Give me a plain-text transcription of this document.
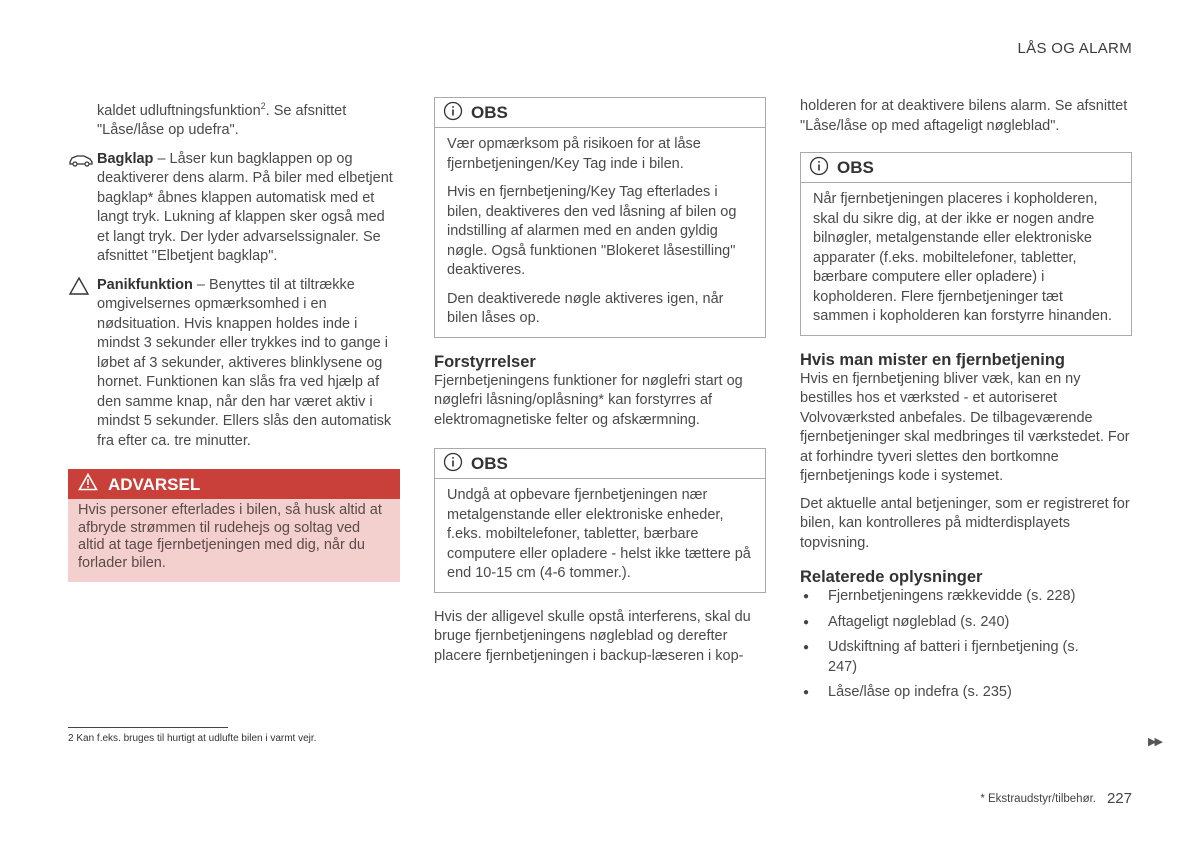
LÅS OG ALARM

kaldet udluftningsfunktion$^2$. Se afsnittet
"Låse/låse op udefra".

Bagklap – Låser kun bagklappen op og deaktiverer dens alarm. På biler med elbetjent bagklap* åbnes klappen automatisk med et langt tryk. Lukning af klappen sker også med et langt tryk. Der lyder advarselssignaler. Se afsnittet "Elbetjent bagklap".
Panikfunktion – Benyttes til at tiltrække omgivelsernes opmærksomhed i en nødsituation. Hvis knappen holdes inde i mindst 3 sekunder eller trykkes ind to gange i løbet af 3 sekunder, aktiveres blinklysene og hornet. Funktionen kan slås fra ved hjælp af den samme knap, når den har været aktiv i mindst 5 sekunder. Ellers slås den automatisk fra efter ca. tre minutter.
ADVARSEL
Hvis personer efterlades i bilen, så husk altid at afbryde strømmen til rudehejs og soltag ved altid at tage fjernbetjeningen med dig, når du forlader bilen.
OBS

Vær opmærksom på risikoen for at låse fjernbetjeningen/Key Tag inde i bilen.

Hvis en fjernbetjening/Key Tag efterlades i bilen, deaktiveres den ved låsning af bilen og indstilling af alarmen med en anden gyldig nøgle. Også funktionen "Blokeret låsestilling" deaktiveres.

Den deaktiverede nøgle aktiveres igen, når bilen låses op.

Forstyrrelser

Fjernbetjeningens funktioner for nøglefri start og nøglefri låsning/oplåsning* kan forstyrres af elektromagnetiske felter og afskærmning.

OBS

Undgå at opbevare fjernbetjeningen nær metalgenstande eller elektroniske enheder, f.eks. mobiltelefoner, tabletter, bærbare computere eller opladere - helst ikke tættere på end 10-15 cm (4-6 tommer.).

Hvis der alligevel skulle opstå interferens, skal du bruge fjernbetjeningens nøgleblad og derefter placere fjernbetjeningen i backup-læseren i kop-

holderen for at deaktivere bilens alarm. Se afsnittet "Låse/låse op med aftageligt nøgleblad".

OBS

Når fjernbetjeningen placeres i kopholderen, skal du sikre dig, at der ikke er nogen andre bilnøgler, metalgenstande eller elektroniske apparater (f.eks. mobiltelefoner, tabletter, bærbare computere eller opladere) i kopholderen. Flere fjernbetjeninger tæt sammen i kopholderen kan forstyrre hinanden.

Hvis man mister en fjernbetjening

Hvis en fjernbetjening bliver væk, kan en ny bestilles hos et værksted - et autoriseret Volvoværksted anbefales. De tilbageværende fjernbetjeninger skal medbringes til værkstedet. For at forhindre tyveri slettes den bortkomne fjernbetjenings kode i systemet.

Det aktuelle antal betjeninger, som er registreret for bilen, kan kontrolleres på midterdisplayets topvisning.

Relaterede oplysninger
● Fjernbetjeningens rækkevidde (s. 228)
● Aftageligt nøgleblad (s. 240)
● Udskiftning af batteri i fjernbetjening (s. 247)
● Låse/låse op indefra (s. 235)
2 Kan f.eks. bruges til hurtigt at udlufte bilen i varmt vejr.	▶▶
* Ekstraudstyr/tilbehør. 227
